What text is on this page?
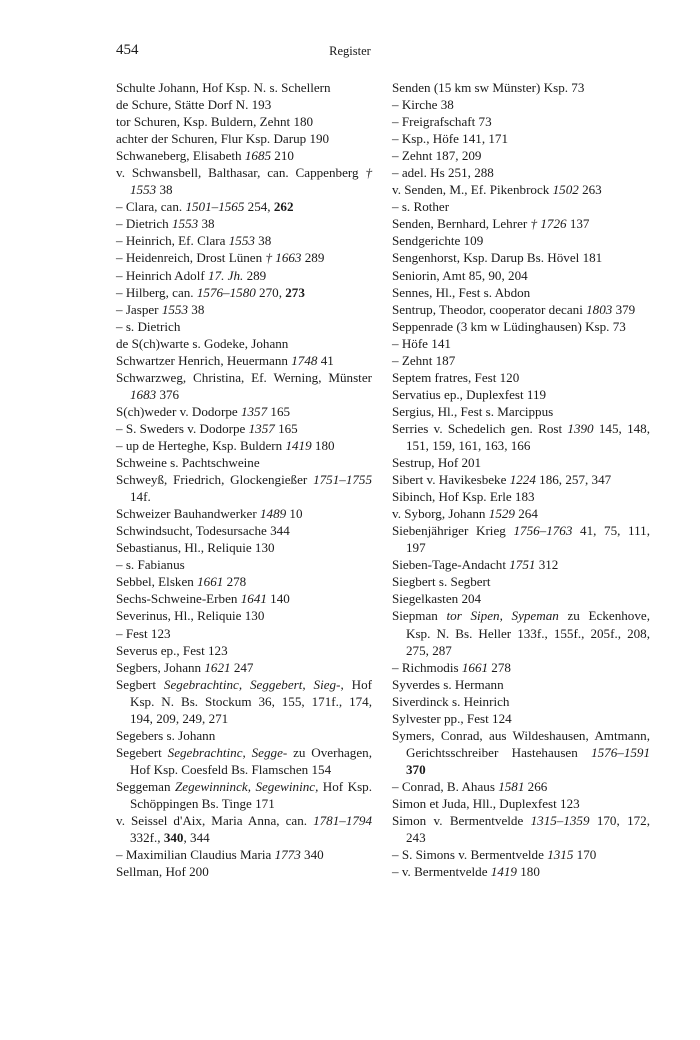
454	Register
Schulte Johann, Hof Ksp. N. s. Schellern
de Schure, Stätte Dorf N. 193
tor Schuren, Ksp. Buldern, Zehnt 180
achter der Schuren, Flur Ksp. Darup 190
Schwaneberg, Elisabeth 1685 210
v. Schwansbell, Balthasar, can. Cappenberg † 1553 38
– Clara, can. 1501–1565 254, 262
– Dietrich 1553 38
– Heinrich, Ef. Clara 1553 38
– Heidenreich, Drost Lünen † 1663 289
– Heinrich Adolf 17. Jh. 289
– Hilberg, can. 1576–1580 270, 273
– Jasper 1553 38
– s. Dietrich
de S(ch)warte s. Godeke, Johann
Schwartzer Henrich, Heuermann 1748 41
Schwarzweg, Christina, Ef. Werning, Münster 1683 376
S(ch)weder v. Dodorpe 1357 165
– S. Sweders v. Dodorpe 1357 165
– up de Herteghe, Ksp. Buldern 1419 180
Schweine s. Pachtschweine
Schweyß, Friedrich, Glockengießer 1751–1755 14f.
Schweizer Bauhandwerker 1489 10
Schwindsucht, Todesursache 344
Sebastianus, Hl., Reliquie 130
– s. Fabianus
Sebbel, Elsken 1661 278
Sechs-Schweine-Erben 1641 140
Severinus, Hl., Reliquie 130
– Fest 123
Severus ep., Fest 123
Segbers, Johann 1621 247
Segbert Segebrachtinc, Seggebert, Sieg-, Hof Ksp. N. Bs. Stockum 36, 155, 171f., 174, 194, 209, 249, 271
Segebers s. Johann
Segebert Segebrachtinc, Segge- zu Overhagen, Hof Ksp. Coesfeld Bs. Flamschen 154
Seggeman Zegewinninck, Segewininc, Hof Ksp. Schöppingen Bs. Tinge 171
v. Seissel d'Aix, Maria Anna, can. 1781–1794 332f., 340, 344
– Maximilian Claudius Maria 1773 340
Sellman, Hof 200
Senden (15 km sw Münster) Ksp. 73
– Kirche 38
– Freigrafschaft 73
– Ksp., Höfe 141, 171
– Zehnt 187, 209
– adel. Hs 251, 288
v. Senden, M., Ef. Pikenbrock 1502 263
– s. Rother
Senden, Bernhard, Lehrer † 1726 137
Sendgerichte 109
Sengenhorst, Ksp. Darup Bs. Hövel 181
Seniorin, Amt 85, 90, 204
Sennes, Hl., Fest s. Abdon
Sentrup, Theodor, cooperator decani 1803 379
Seppenrade (3 km w Lüdinghausen) Ksp. 73
– Höfe 141
– Zehnt 187
Septem fratres, Fest 120
Servatius ep., Duplexfest 119
Sergius, Hl., Fest s. Marcippus
Serries v. Schedelich gen. Rost 1390 145, 148, 151, 159, 161, 163, 166
Sestrup, Hof 201
Sibert v. Havikesbeke 1224 186, 257, 347
Sibinch, Hof Ksp. Erle 183
v. Syborg, Johann 1529 264
Siebenjähriger Krieg 1756–1763 41, 75, 111, 197
Sieben-Tage-Andacht 1751 312
Siegbert s. Segbert
Siegelkasten 204
Siepman tor Sipen, Sypeman zu Eckenhove, Ksp. N. Bs. Heller 133f., 155f., 205f., 208, 275, 287
– Richmodis 1661 278
Syverdes s. Hermann
Siverdinck s. Heinrich
Sylvester pp., Fest 124
Symers, Conrad, aus Wildeshausen, Amtmann, Gerichtsschreiber Hastehausen 1576–1591 370
– Conrad, B. Ahaus 1581 266
Simon et Juda, Hll., Duplexfest 123
Simon v. Bermentvelde 1315–1359 170, 172, 243
– S. Simons v. Bermentvelde 1315 170
– v. Bermentvelde 1419 180
